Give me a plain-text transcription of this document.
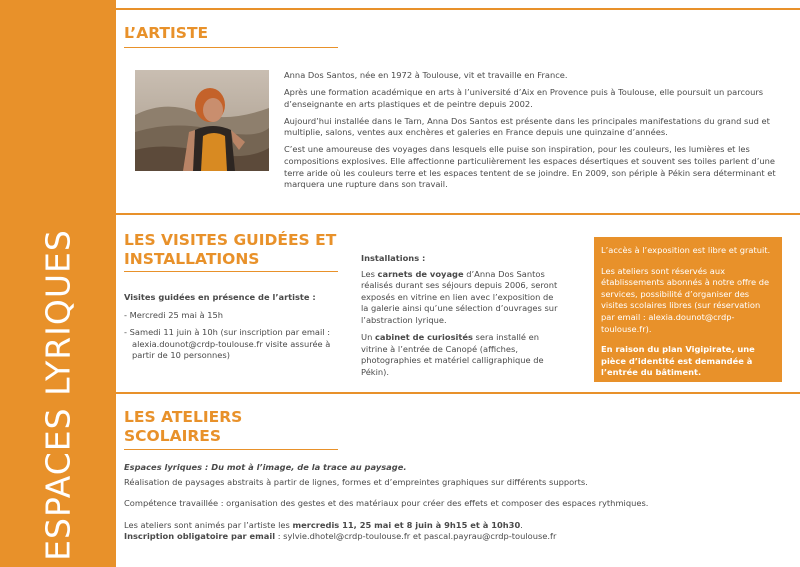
ESPACES LYRIQUES
L’ARTISTE

Anna Dos Santos, née en 1972 à Toulouse, vit et travaille en France.

Après une formation académique en arts à l’université d’Aix en Provence puis à Toulouse, elle poursuit un parcours d’enseignante en arts plastiques et de peintre depuis 2002.

Aujourd’hui installée dans le Tarn, Anna Dos Santos est présente dans les principales manifestations du grand sud et multiplie, salons, ventes aux enchères et galeries en France depuis une quinzaine d’années.

C’est une amoureuse des voyages dans lesquels elle puise son inspiration, pour les couleurs, les lumières et les compositions explosives. Elle affectionne particulièrement les espaces désertiques et souvent ses toiles parlent d’une terre aride où les couleurs terre et les espaces tentent de se joindre. En 2009, son périple à Pékin sera déterminant et marquera une rupture dans son travail.

LES VISITES GUIDÉES ET
INSTALLATIONS
Visites guidées en présence de l’artiste :
- Mercredi 25 mai à 15h
- Samedi 11 juin à 10h (sur inscription par email : alexia.dounot@crdp-toulouse.fr visite assurée à partir de 10 personnes)
Installations :

Les carnets de voyage d’Anna Dos Santos réalisés durant ses séjours depuis 2006, seront exposés en vitrine en lien avec l’exposition de la galerie ainsi qu’une sélection d’ouvrages sur l’abstraction lyrique.

Un cabinet de curiosités sera installé en vitrine à l’entrée de Canopé (affiches, photographies et matériel calligraphique de Pékin).

L’accès à l’exposition est libre et gratuit.

Les ateliers sont réservés aux établissements abonnés à notre offre de services, possibilité d’organiser des visites scolaires libres (sur réservation par email : alexia.dounot@crdp-toulouse.fr).

En raison du plan Vigipirate, une pièce d’identité est demandée à l’entrée du bâtiment.

LES ATELIERS
SCOLAIRES
Espaces lyriques : Du mot à l’image, de la trace au paysage.

Réalisation de paysages abstraits à partir de lignes, formes et d’empreintes graphiques sur différents supports.

Compétence travaillée : organisation des gestes et des matériaux pour créer des effets et composer des espaces rythmiques.

Les ateliers sont animés par l’artiste les mercredis 11, 25 mai et 8 juin à 9h15 et à 10h30.
Inscription obligatoire par email : sylvie.dhotel@crdp-toulouse.fr et pascal.payrau@crdp-toulouse.fr
